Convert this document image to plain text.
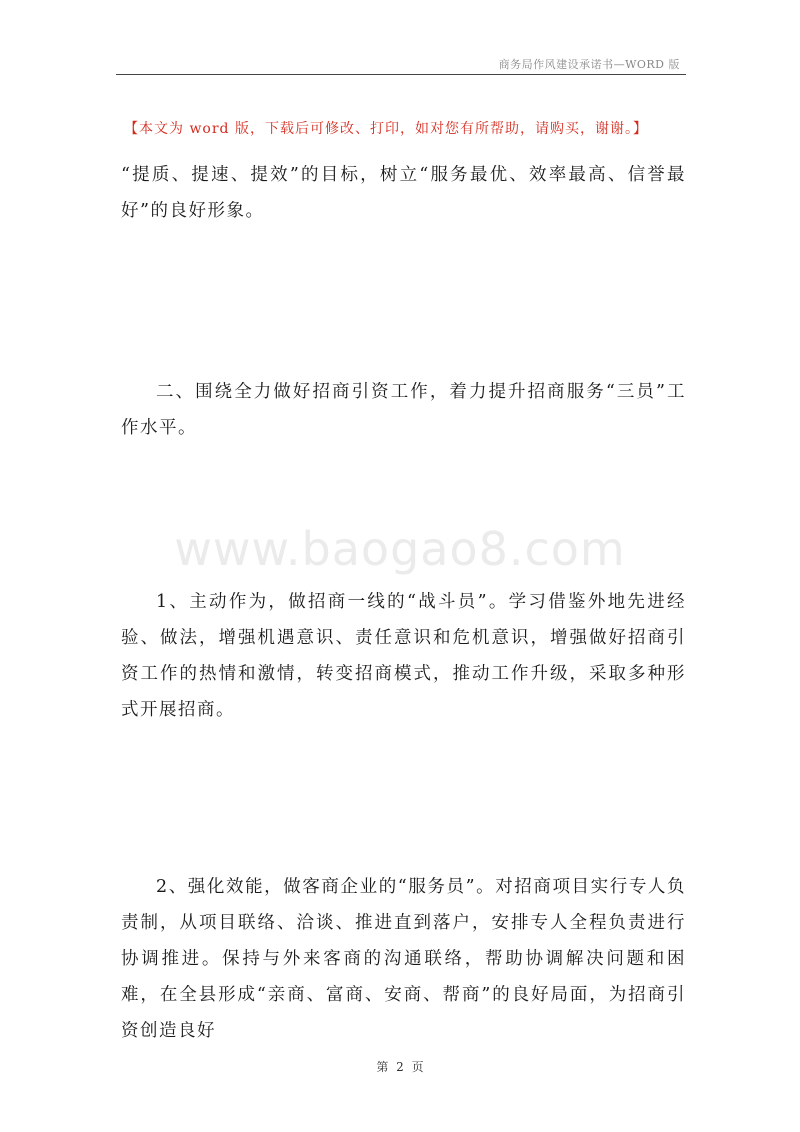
商务局作风建设承诺书—WORD 版
【本文为 word 版，下载后可修改、打印，如对您有所帮助，请购买，谢谢。】

“提质、提速、提效”的目标，树立“服务最优、效率最高、信誉最好”的良好形象。

二、围绕全力做好招商引资工作，着力提升招商服务“三员”工作水平。

www.baogao8.com

1、主动作为，做招商一线的“战斗员”。学习借鉴外地先进经验、做法，增强机遇意识、责任意识和危机意识，增强做好招商引资工作的热情和激情，转变招商模式，推动工作升级，采取多种形式开展招商。

2、强化效能，做客商企业的“服务员”。对招商项目实行专人负责制，从项目联络、洽谈、推进直到落户，安排专人全程负责进行协调推进。保持与外来客商的沟通联络，帮助协调解决问题和困难，在全县形成“亲商、富商、安商、帮商”的良好局面，为招商引资创造良好

第 2 页
